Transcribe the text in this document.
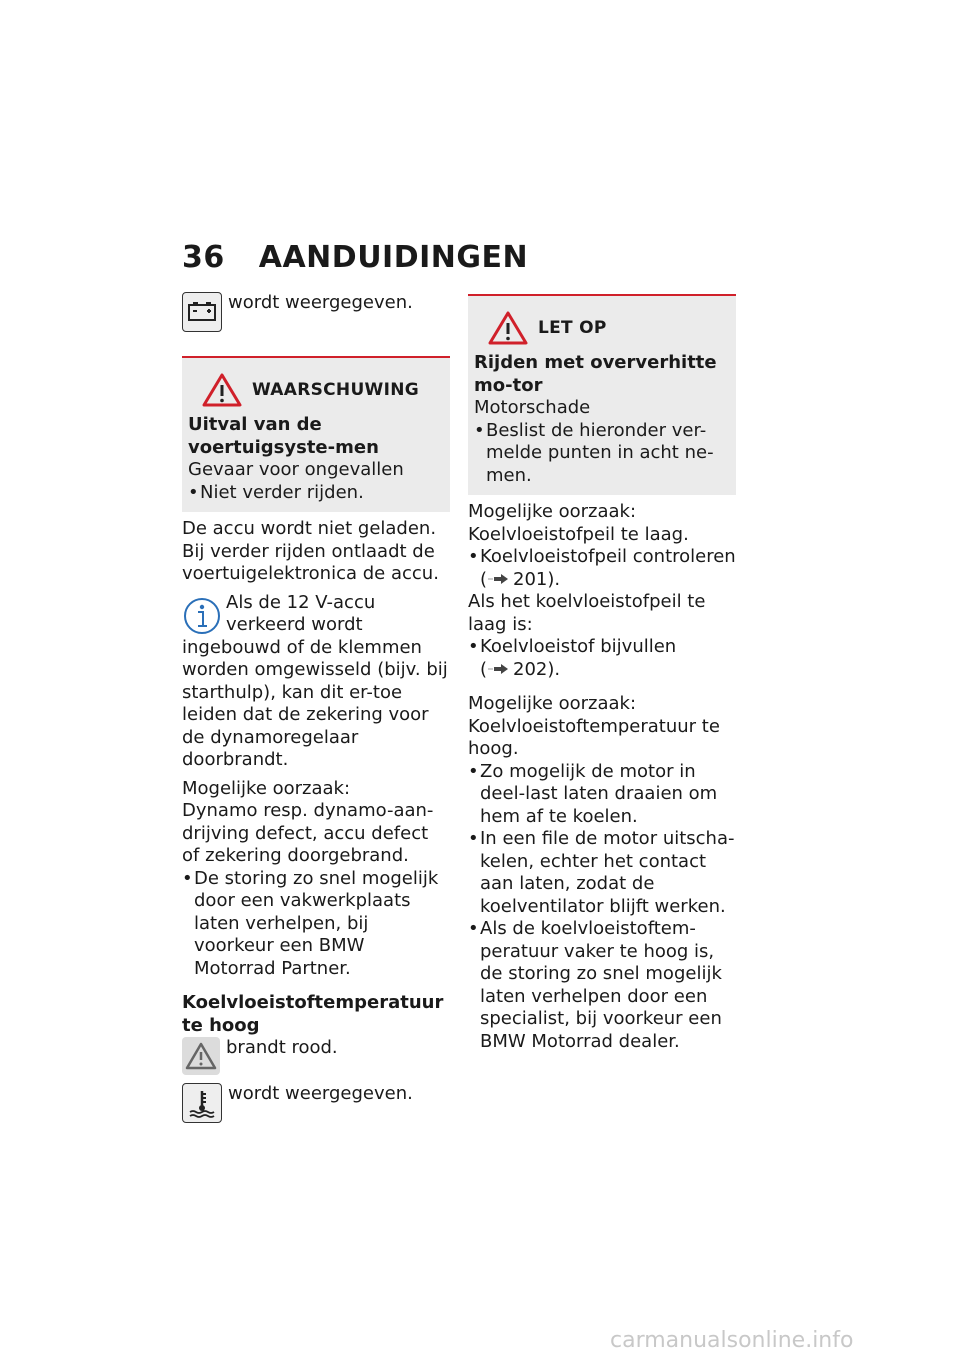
36 AANDUIDINGEN

wordt weergegeven.

WAARSCHUWING

Uitval van de voertuigsyste-men

Gevaar voor ongevallen

• Niet verder rijden.

De accu wordt niet geladen. Bij verder rijden ontlaadt de voertuigelektronica de accu.

Als de 12 V-accu verkeerd wordt ingebouwd of de klemmen worden omgewisseld (bijv. bij starthulp), kan dit er-toe leiden dat de zekering voor de dynamoregelaar doorbrandt.

Mogelijke oorzaak:

Dynamo resp. dynamo-aan-drijving defect, accu defect of zekering doorgebrand.

• De storing zo snel mogelijk door een vakwerkplaats laten verhelpen, bij voorkeur een BMW Motorrad Partner.

Koelvloeistoftemperatuur te hoog

brandt rood.

wordt weergegeven.

LET OP

Rijden met oververhitte mo-tor

Motorschade

• Beslist de hieronder ver-melde punten in acht ne-men.

Mogelijke oorzaak:

Koelvloeistofpeil te laag.

• Koelvloeistofpeil controleren
( 201).

Als het koelvloeistofpeil te laag is:

• Koelvloeistof bijvullen
( 202).

Mogelijke oorzaak:

Koelvloeistoftemperatuur te hoog.

• Zo mogelijk de motor in deel-last laten draaien om hem af te koelen.
• In een file de motor uitscha-kelen, echter het contact aan laten, zodat de koelventilator blijft werken.
• Als de koelvloeistoftem-peratuur vaker te hoog is, de storing zo snel mogelijk laten verhelpen door een specialist, bij voorkeur een BMW Motorrad dealer.
carmanualsonline.info
